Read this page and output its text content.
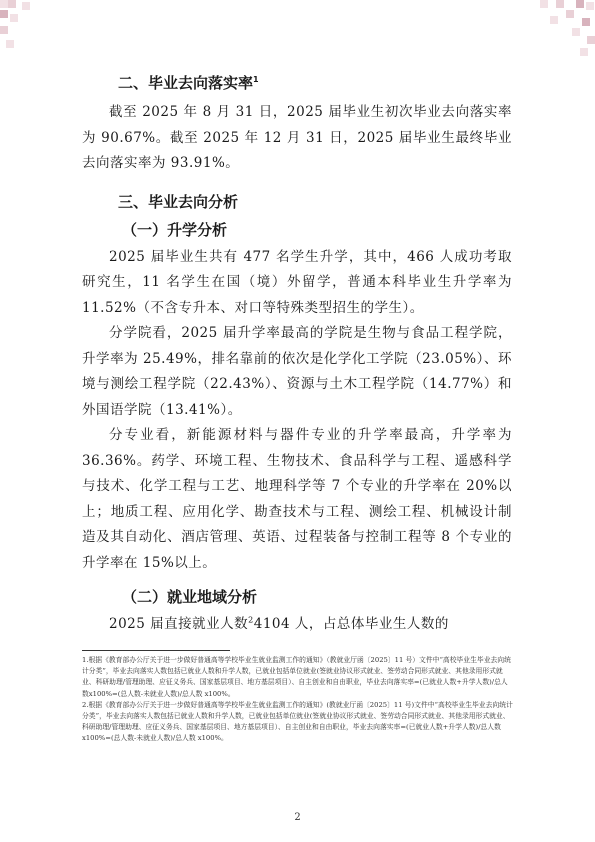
二、毕业去向落实率$^1$

截至 2025 年 8 月 31 日，2025 届毕业生初次毕业去向落实率为 90.67%。截至 2025 年 12 月 31 日，2025 届毕业生最终毕业去向落实率为 93.91%。

三、毕业去向分析
（一）升学分析

2025 届毕业生共有 477 名学生升学，其中，466 人成功考取研究生，11 名学生在国（境）外留学，普通本科毕业生升学率为 11.52%（不含专升本、对口等特殊类型招生的学生）。

分学院看，2025 届升学率最高的学院是生物与食品工程学院，升学率为 25.49%，排名靠前的依次是化学化工学院（23.05%）、环境与测绘工程学院（22.43%）、资源与土木工程学院（14.77%）和外国语学院（13.41%）。

分专业看，新能源材料与器件专业的升学率最高，升学率为 36.36%。药学、环境工程、生物技术、食品科学与工程、遥感科学与技术、化学工程与工艺、地理科学等 7 个专业的升学率在 20%以上；地质工程、应用化学、勘查技术与工程、测绘工程、机械设计制造及其自动化、酒店管理、英语、过程装备与控制工程等 8 个专业的升学率在 15%以上。

（二）就业地域分析

2025 届直接就业人数$^2$4104 人，占总体毕业生人数的

1.根据《教育部办公厅关于进一步做好普通高等学校毕业生就业监测工作的通知》（教就业厅函〔2025〕11 号）文件中“高校毕业生毕业去向统计分类”，毕业去向落实人数包括已就业人数和升学人数，已就业包括单位就业(签就业协议形式就业、签劳动合同形式就业、其他录用形式就业、科研助理/管理助理、应征义务兵、国家基层项目、地方基层项目）、自主创业和自由职业，毕业去向落实率=(已就业人数+升学人数)/总人数x100%=(总人数-未就业人数)/总人数 x100%。

2.根据《教育部办公厅关于进一步做好普通高等学校毕业生就业监测工作的通知》(教就业厅函〔2025〕11 号)文件中“高校毕业生毕业去向统计分类”，毕业去向落实人数包括已就业人数和升学人数，已就业包括单位就业(签就业协议形式就业、签劳动合同形式就业、其他录用形式就业、科研助理/管理助理、应征义务兵、国家基层项目、地方基层项目）、自主创业和自由职业，毕业去向落实率=(已就业人数+升学人数)/总人数x100%=(总人数-未就业人数)/总人数 x100%。

2
